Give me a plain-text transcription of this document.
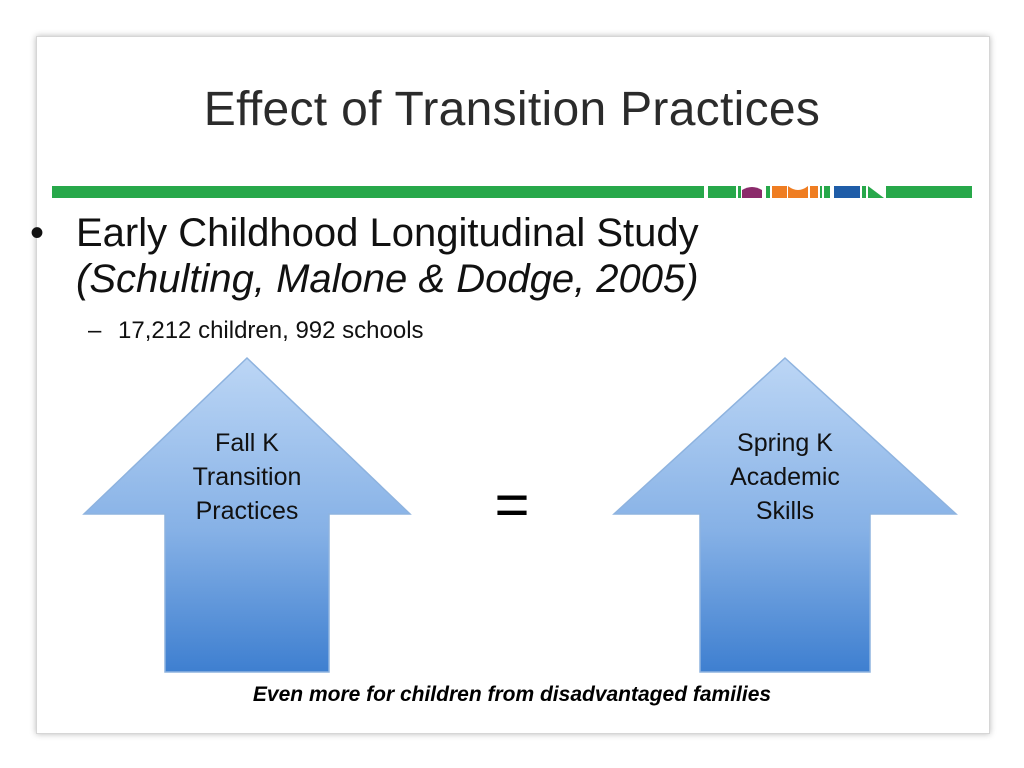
Effect of Transition Practices
• Early Childhood Longitudinal Study
(Schulting, Malone & Dodge, 2005)
– 17,212 children, 992 schools
Fall K
Transition
Practices	=
Spring K
Academic
Skills
Even more for children from disadvantaged families
